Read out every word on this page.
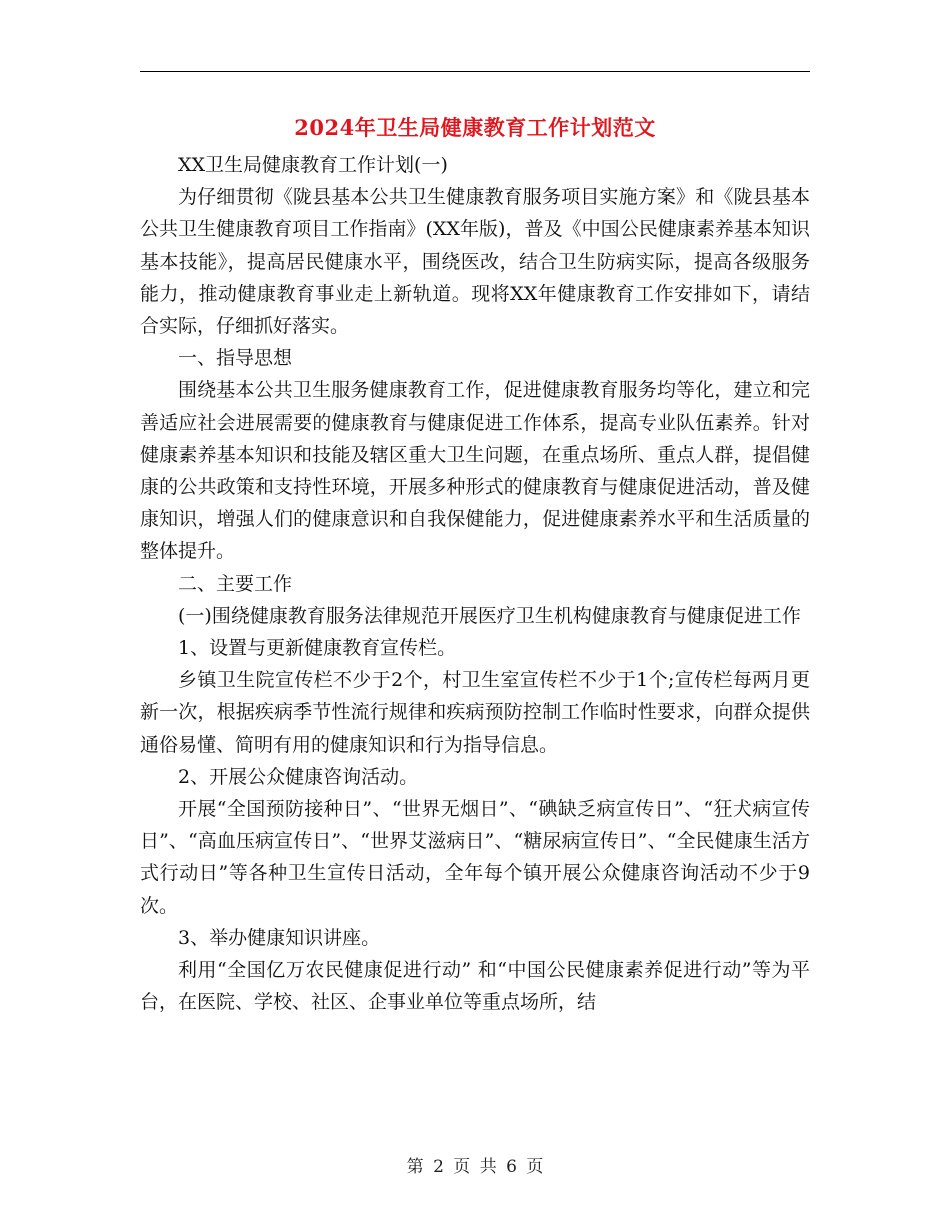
2024年卫生局健康教育工作计划范文

XX卫生局健康教育工作计划(一)

为仔细贯彻《陇县基本公共卫生健康教育服务项目实施方案》和《陇县基本公共卫生健康教育项目工作指南》(XX年版)，普及《中国公民健康素养基本知识基本技能》，提高居民健康水平，围绕医改，结合卫生防病实际，提高各级服务能力，推动健康教育事业走上新轨道。现将XX年健康教育工作安排如下，请结合实际，仔细抓好落实。

一、指导思想

围绕基本公共卫生服务健康教育工作，促进健康教育服务均等化，建立和完善适应社会进展需要的健康教育与健康促进工作体系，提高专业队伍素养。针对健康素养基本知识和技能及辖区重大卫生问题，在重点场所、重点人群，提倡健康的公共政策和支持性环境，开展多种形式的健康教育与健康促进活动，普及健康知识，增强人们的健康意识和自我保健能力，促进健康素养水平和生活质量的整体提升。

二、主要工作

(一)围绕健康教育服务法律规范开展医疗卫生机构健康教育与健康促进工作

1、设置与更新健康教育宣传栏。

乡镇卫生院宣传栏不少于2个，村卫生室宣传栏不少于1个;宣传栏每两月更新一次，根据疾病季节性流行规律和疾病预防控制工作临时性要求，向群众提供通俗易懂、简明有用的健康知识和行为指导信息。

2、开展公众健康咨询活动。

开展“全国预防接种日”、“世界无烟日”、“碘缺乏病宣传日”、“狂犬病宣传日”、“高血压病宣传日”、“世界艾滋病日”、“糖尿病宣传日”、“全民健康生活方式行动日”等各种卫生宣传日活动，全年每个镇开展公众健康咨询活动不少于9次。

3、举办健康知识讲座。

利用“全国亿万农民健康促进行动” 和“中国公民健康素养促进行动”等为平台，在医院、学校、社区、企事业单位等重点场所，结

第 2 页 共 6 页
